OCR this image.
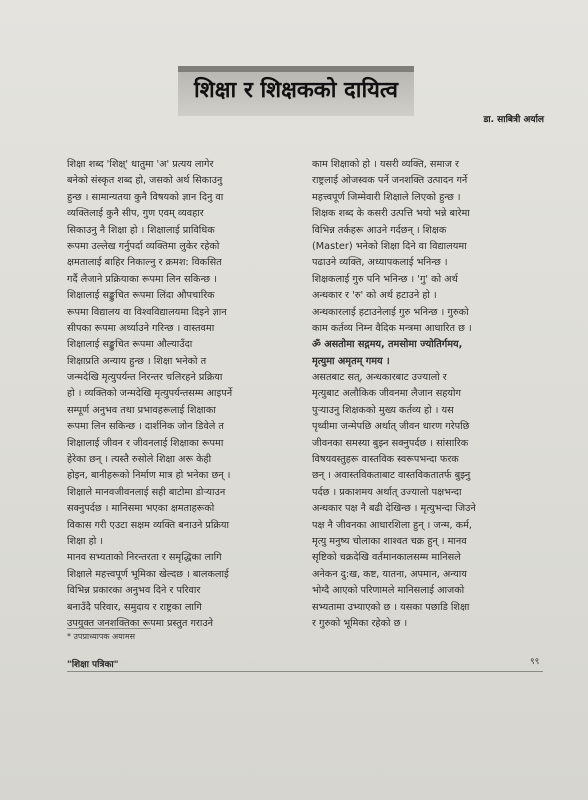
शिक्षा र शिक्षकको दायित्व
डा. साबित्री अर्याल
शिक्षा शब्द 'शिक्ष्' धातुमा 'अ' प्रत्यय लागेर
बनेको संस्कृत शब्द हो, जसको अर्थ सिकाउनु
हुन्छ । सामान्यतया कुनै विषयको ज्ञान दिनु वा
व्यक्तिलाई कुनै सीप, गुण एवम् व्यवहार
सिकाउनु नै शिक्षा हो । शिक्षालाई प्राविधिक
रूपमा उल्लेख गर्नुपर्दा व्यक्तिमा लुकेर रहेको
क्षमतालाई बाहिर निकाल्नु र क्रमश: विकसित
गर्दै लैजाने प्रक्रियाका रूपमा लिन सकिन्छ ।
शिक्षालाई सङ्कुचित रूपमा लिंदा औपचारिक
रूपमा विद्यालय वा विश्वविद्यालयमा दिइने ज्ञान
सीपका रूपमा अर्थ्याउने गरिन्छ । वास्तवमा
शिक्षालाई सङ्कुचित रूपमा औल्याउँदा
शिक्षाप्रति अन्याय हुन्छ । शिक्षा भनेको त
जन्मदेखि मृत्युपर्यन्त निरन्तर चलिरहने प्रक्रिया
हो । व्यक्तिको जन्मदेखि मृत्युपर्यन्तसम्म आइपर्ने
सम्पूर्ण अनुभव तथा प्रभावहरूलाई शिक्षाका
रूपमा लिन सकिन्छ । दार्शनिक जोन डिवेले त
शिक्षालाई जीवन र जीवनलाई शिक्षाका रूपमा
हेरेका छन् । त्यस्तै रुसोले शिक्षा अरू केही
होइन, बानीहरूको निर्माण मात्र हो भनेका छन् ।
शिक्षाले मानवजीवनलाई सही बाटोमा डोऱ्याउन
सक्नुपर्दछ । मानिसमा भएका क्षमताहरूको
विकास गरी एउटा सक्षम व्यक्ति बनाउने प्रक्रिया
शिक्षा हो ।
मानव सभ्यताको निरन्तरता र समृद्धिका लागि
शिक्षाले महत्त्वपूर्ण भूमिका खेल्दछ । बालकलाई
विभिन्न प्रकारका अनुभव दिने र परिवार
बनाउँदै परिवार, समुदाय र राष्ट्रका लागि
उपयुक्त जनशक्तिका रूपमा प्रस्तुत गराउने
काम शिक्षाको हो । यसरी व्यक्ति, समाज र
राष्ट्रलाई ओजस्वक पर्ने जनशक्ति उत्पादन गर्ने
महत्त्वपूर्ण जिम्मेवारी शिक्षाले लिएको हुन्छ ।
शिक्षक शब्द के कसरी उत्पत्ति भयो भन्ने बारेमा
विभिन्न तर्कहरू आउने गर्दछन् । शिक्षक
(Master) भनेको शिक्षा दिने वा विद्यालयमा
पढाउने व्यक्ति, अध्यापकलाई भनिन्छ ।
शिक्षकलाई गुरु पनि भनिन्छ । 'गु' को अर्थ
अन्धकार र 'रु' को अर्थ हटाउने हो ।
अन्धकारलाई हटाउनेलाई गुरु भनिन्छ । गुरुको
काम कर्तव्य निम्न वैदिक मन्त्रमा आधारित छ ।
ॐ असतोमा सद्गमय, तमसोमा ज्योतिर्गमय,
मृत्युमा अमृतम् गमय ।
असतबाट सत्, अन्धकारबाट उज्यालो र
मृत्युबाट अलौकिक जीवनमा लैजान सहयोग
पुऱ्याउनु शिक्षकको मुख्य कर्तव्य हो । यस
पृथ्वीमा जन्मेपछि अर्थात् जीवन धारण गरेपछि
जीवनका समस्या बुझ्न सक्नुपर्दछ । सांसारिक
विषयवस्तुहरू वास्तविक स्वरूपभन्दा फरक
छन् । अवास्तविकताबाट वास्तविकतातर्फ बुझ्नु
पर्दछ । प्रकाशमय अर्थात् उज्यालो पक्षभन्दा
अन्धकार पक्ष नै बढी देखिन्छ । मृत्युभन्दा जिउने
पक्ष नै जीवनका आधारशिला हुन् । जन्म, कर्म,
मृत्यु मनुष्य चोलाका शाश्वत चक्र हुन् । मानव
सृष्टिको चक्रदेखि वर्तमानकालसम्म मानिसले
अनेकन दु:ख, कष्ट, यातना, अपमान, अन्याय
भोग्दै आएको परिणामले मानिसलाई आजको
सभ्यतामा उभ्याएको छ । यसका पछाडि शिक्षा
र गुरुको भूमिका रहेको छ ।
* उपप्राध्यापक अयामस
"शिक्षा पत्रिका"	९९
